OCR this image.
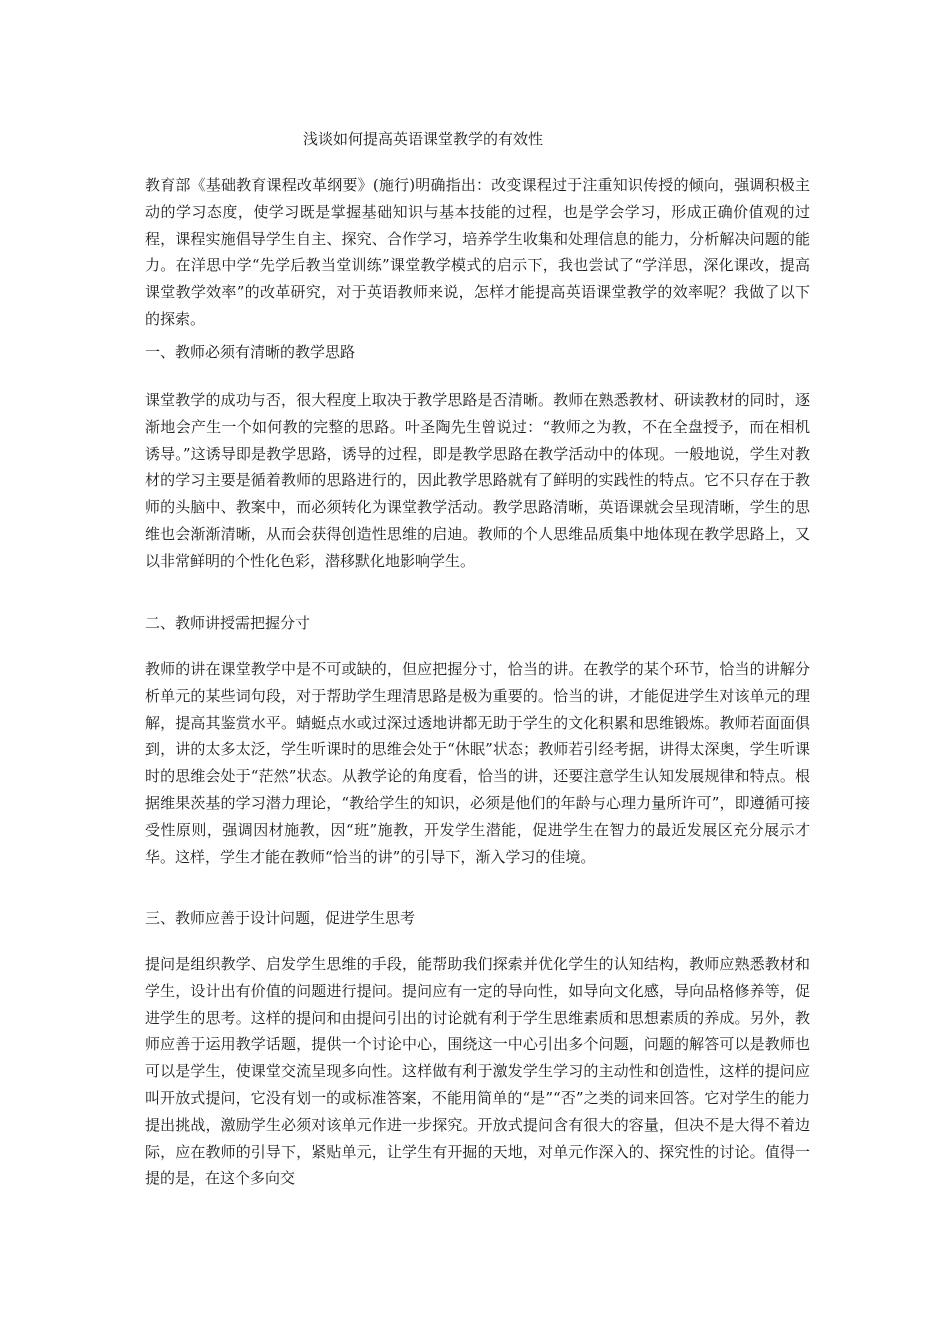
浅谈如何提高英语课堂教学的有效性

教育部《基础教育课程改革纲要》(施行)明确指出：改变课程过于注重知识传授的倾向，强调积极主动的学习态度，使学习既是掌握基础知识与基本技能的过程，也是学会学习，形成正确价值观的过程，课程实施倡导学生自主、探究、合作学习，培养学生收集和处理信息的能力，分析解决问题的能力。在洋思中学“先学后教当堂训练”课堂教学模式的启示下，我也尝试了“学洋思，深化课改，提高课堂教学效率”的改革研究，对于英语教师来说，怎样才能提高英语课堂教学的效率呢？我做了以下的探索。

一、教师必须有清晰的教学思路

课堂教学的成功与否，很大程度上取决于教学思路是否清晰。教师在熟悉教材、研读教材的同时，逐渐地会产生一个如何教的完整的思路。叶圣陶先生曾说过：“教师之为教，不在全盘授予，而在相机诱导。”这诱导即是教学思路，诱导的过程，即是教学思路在教学活动中的体现。一般地说，学生对教材的学习主要是循着教师的思路进行的，因此教学思路就有了鲜明的实践性的特点。它不只存在于教师的头脑中、教案中，而必须转化为课堂教学活动。教学思路清晰，英语课就会呈现清晰，学生的思维也会渐渐清晰，从而会获得创造性思维的启迪。教师的个人思维品质集中地体现在教学思路上，又以非常鲜明的个性化色彩，潜移默化地影响学生。

二、教师讲授需把握分寸

教师的讲在课堂教学中是不可或缺的，但应把握分寸，恰当的讲。在教学的某个环节，恰当的讲解分析单元的某些词句段，对于帮助学生理清思路是极为重要的。恰当的讲，才能促进学生对该单元的理解，提高其鉴赏水平。蜻蜓点水或过深过透地讲都无助于学生的文化积累和思维锻炼。教师若面面俱到，讲的太多太泛，学生听课时的思维会处于“休眠”状态；教师若引经考据，讲得太深奥，学生听课时的思维会处于“茫然”状态。从教学论的角度看，恰当的讲，还要注意学生认知发展规律和特点。根据维果茨基的学习潜力理论，“教给学生的知识，必须是他们的年龄与心理力量所许可”，即遵循可接受性原则，强调因材施教，因“班”施教，开发学生潜能，促进学生在智力的最近发展区充分展示才华。这样，学生才能在教师“恰当的讲”的引导下，渐入学习的佳境。

三、教师应善于设计问题，促进学生思考

提问是组织教学、启发学生思维的手段，能帮助我们探索并优化学生的认知结构，教师应熟悉教材和学生，设计出有价值的问题进行提问。提问应有一定的导向性，如导向文化感，导向品格修养等，促进学生的思考。这样的提问和由提问引出的讨论就有利于学生思维素质和思想素质的养成。另外，教师应善于运用教学话题，提供一个讨论中心，围绕这一中心引出多个问题，问题的解答可以是教师也可以是学生，使课堂交流呈现多向性。这样做有利于激发学生学习的主动性和创造性，这样的提问应叫开放式提问，它没有划一的或标准答案，不能用简单的“是”“否”之类的词来回答。它对学生的能力提出挑战，激励学生必须对该单元作进一步探究。开放式提问含有很大的容量，但决不是大得不着边际，应在教师的引导下，紧贴单元，让学生有开掘的天地，对单元作深入的、探究性的讨论。值得一提的是，在这个多向交
